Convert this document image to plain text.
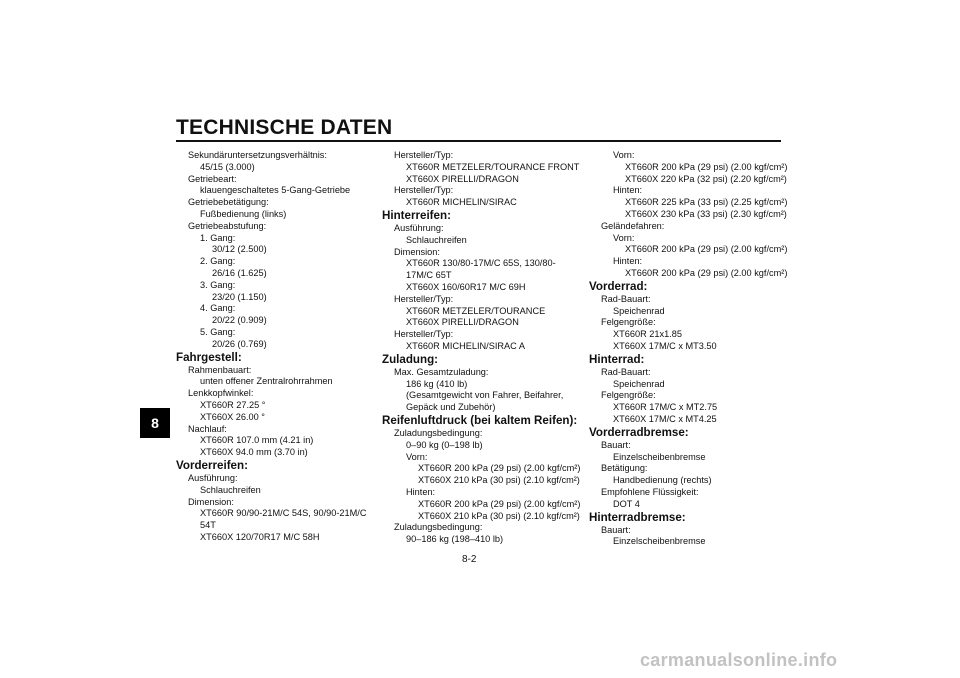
TECHNISCHE DATEN
8
Sekundäruntersetzungsverhältnis:
45/15 (3.000)
Getriebeart:
klauengeschaltetes 5-Gang-Getriebe
Getriebebetätigung:
Fußbedienung (links)
Getriebeabstufung:
1. Gang:
30/12 (2.500)
2. Gang:
26/16 (1.625)
3. Gang:
23/20 (1.150)
4. Gang:
20/22 (0.909)
5. Gang:
20/26 (0.769)
Fahrgestell:
Rahmenbauart:
unten offener Zentralrohrrahmen
Lenkkopfwinkel:
XT660R 27.25 °
XT660X 26.00 °
Nachlauf:
XT660R 107.0 mm (4.21 in)
XT660X 94.0 mm (3.70 in)
Vorderreifen:
Ausführung:
Schlauchreifen
Dimension:
XT660R 90/90-21M/C 54S, 90/90-21M/C
54T
XT660X 120/70R17 M/C 58H
Hersteller/Typ:
XT660R METZELER/TOURANCE FRONT
XT660X PIRELLI/DRAGON
Hersteller/Typ:
XT660R MICHELIN/SIRAC
Hinterreifen:
Ausführung:
Schlauchreifen
Dimension:
XT660R 130/80-17M/C 65S, 130/80-
17M/C 65T
XT660X 160/60R17 M/C 69H
Hersteller/Typ:
XT660R METZELER/TOURANCE
XT660X PIRELLI/DRAGON
Hersteller/Typ:
XT660R MICHELIN/SIRAC A
Zuladung:
Max. Gesamtzuladung:
186 kg (410 lb)
(Gesamtgewicht von Fahrer, Beifahrer,
Gepäck und Zubehör)
Reifenluftdruck (bei kaltem Reifen):
Zuladungsbedingung:
0–90 kg (0–198 lb)
Vorn:
XT660R 200 kPa (29 psi) (2.00 kgf/cm²)
XT660X 210 kPa (30 psi) (2.10 kgf/cm²)
Hinten:
XT660R 200 kPa (29 psi) (2.00 kgf/cm²)
XT660X 210 kPa (30 psi) (2.10 kgf/cm²)
Zuladungsbedingung:
90–186 kg (198–410 lb)
Vorn:
XT660R 200 kPa (29 psi) (2.00 kgf/cm²)
XT660X 220 kPa (32 psi) (2.20 kgf/cm²)
Hinten:
XT660R 225 kPa (33 psi) (2.25 kgf/cm²)
XT660X 230 kPa (33 psi) (2.30 kgf/cm²)
Geländefahren:
Vorn:
XT660R 200 kPa (29 psi) (2.00 kgf/cm²)
Hinten:
XT660R 200 kPa (29 psi) (2.00 kgf/cm²)
Vorderrad:
Rad-Bauart:
Speichenrad
Felgengröße:
XT660R 21x1.85
XT660X 17M/C x MT3.50
Hinterrad:
Rad-Bauart:
Speichenrad
Felgengröße:
XT660R 17M/C x MT2.75
XT660X 17M/C x MT4.25
Vorderradbremse:
Bauart:
Einzelscheibenbremse
Betätigung:
Handbedienung (rechts)
Empfohlene Flüssigkeit:
DOT 4
Hinterradbremse:
Bauart:
Einzelscheibenbremse
8-2
carmanualsonline.info
